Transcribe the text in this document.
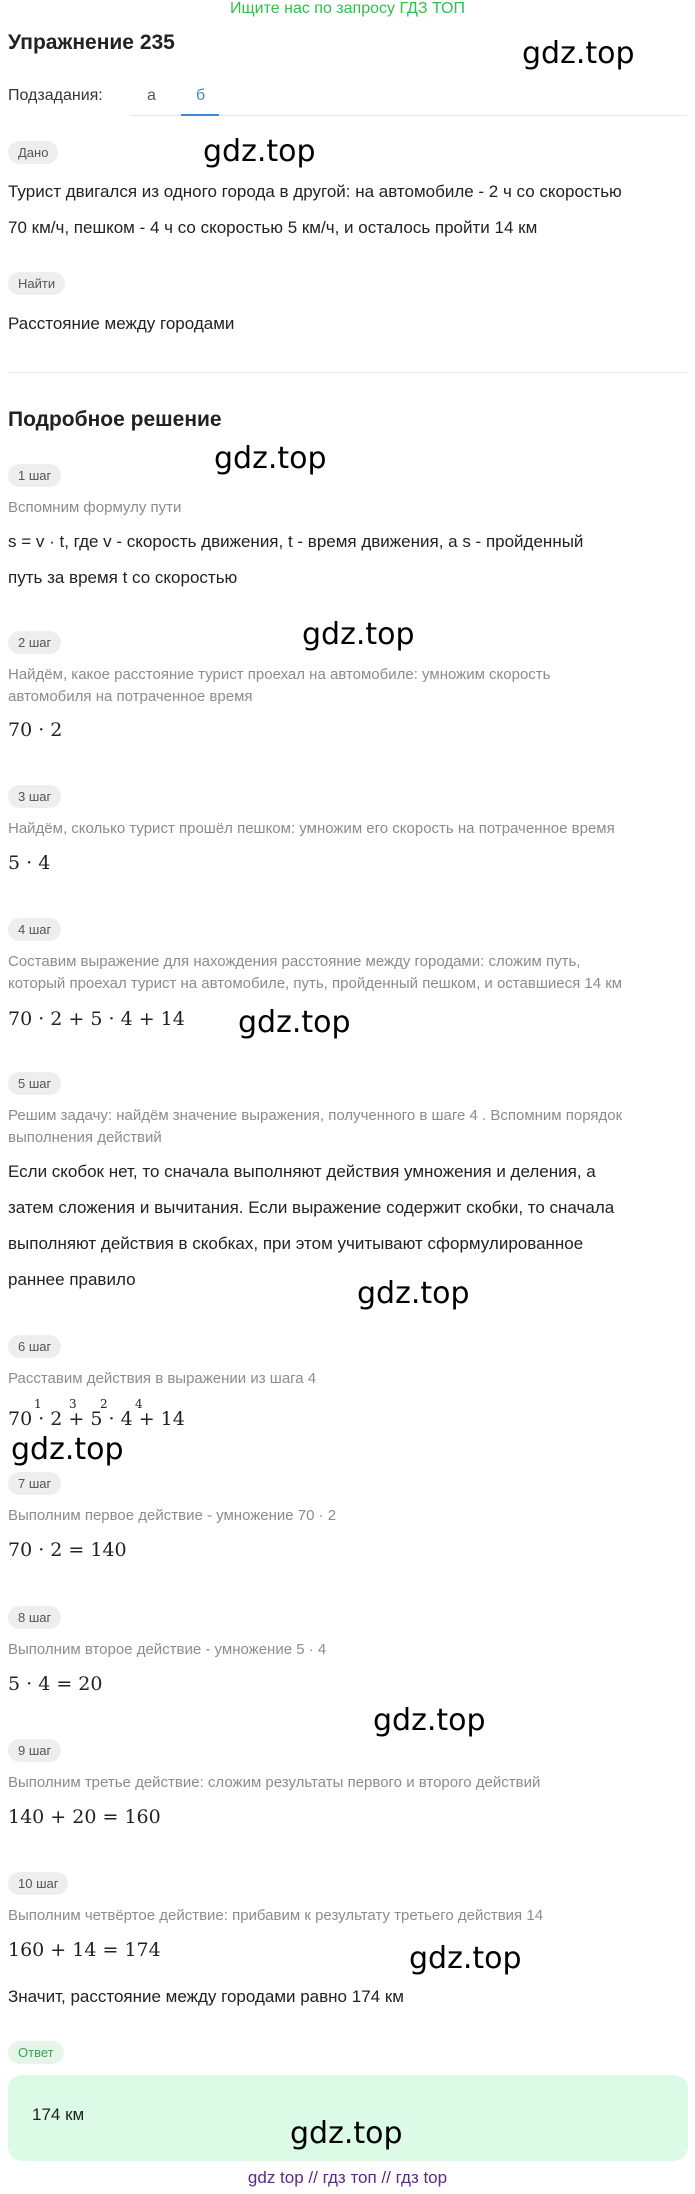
Ищите нас по запросу ГДЗ ТОП
Упражнение 235	gdz.top
Подзадания:	а	б
Дано	gdz.top
Турист двигался из одного города в другой: на автомобиле - 2 ч со скоростью
70 км/ч, пешком - 4 ч со скоростью 5 км/ч, и осталось пройти 14 км
Найти
Расстояние между городами
Подробное решение
gdz.top
1 шаг
Вспомним формулу пути
s = v · t, где v - скорость движения, t - время движения, а s - пройденный
путь за время t со скоростью
gdz.top
2 шаг
Найдём, какое расстояние турист проехал на автомобиле: умножим скорость
автомобиля на потраченное время
70 · 2
3 шаг
Найдём, сколько турист прошёл пешком: умножим его скорость на потраченное время
5 · 4
4 шаг
Составим выражение для нахождения расстояние между городами: сложим путь,
который проехал турист на автомобиле, путь, пройденный пешком, и оставшиеся 14 км
70 · 2 + 5 · 4 + 14 gdz.top
5 шаг
Решим задачу: найдём значение выражения, полученного в шаге 4 . Вспомним порядок
выполнения действий
Если скобок нет, то сначала выполняют действия умножения и деления, а
затем сложения и вычитания. Если выражение содержит скобки, то сначала
выполняют действия в скобках, при этом учитывают сформулированное
раннее правило	gdz.top
6 шаг
Расставим действия в выражении из шага 4
70 · 2 + 5 · 4 + 14
1 3 2 4
gdz.top
7 шаг
Выполним первое действие - умножение 70 · 2
70 · 2 = 140
8 шаг
Выполним второе действие - умножение 5 · 4
5 · 4 = 20
gdz.top
9 шаг
Выполним третье действие: сложим результаты первого и второго действий
140 + 20 = 160
10 шаг
Выполним четвёртое действие: прибавим к результату третьего действия 14
160 + 14 = 174	gdz.top
Значит, расстояние между городами равно 174 км
Ответ
174 км
gdz.top
gdz top // гдз топ // гдз top
